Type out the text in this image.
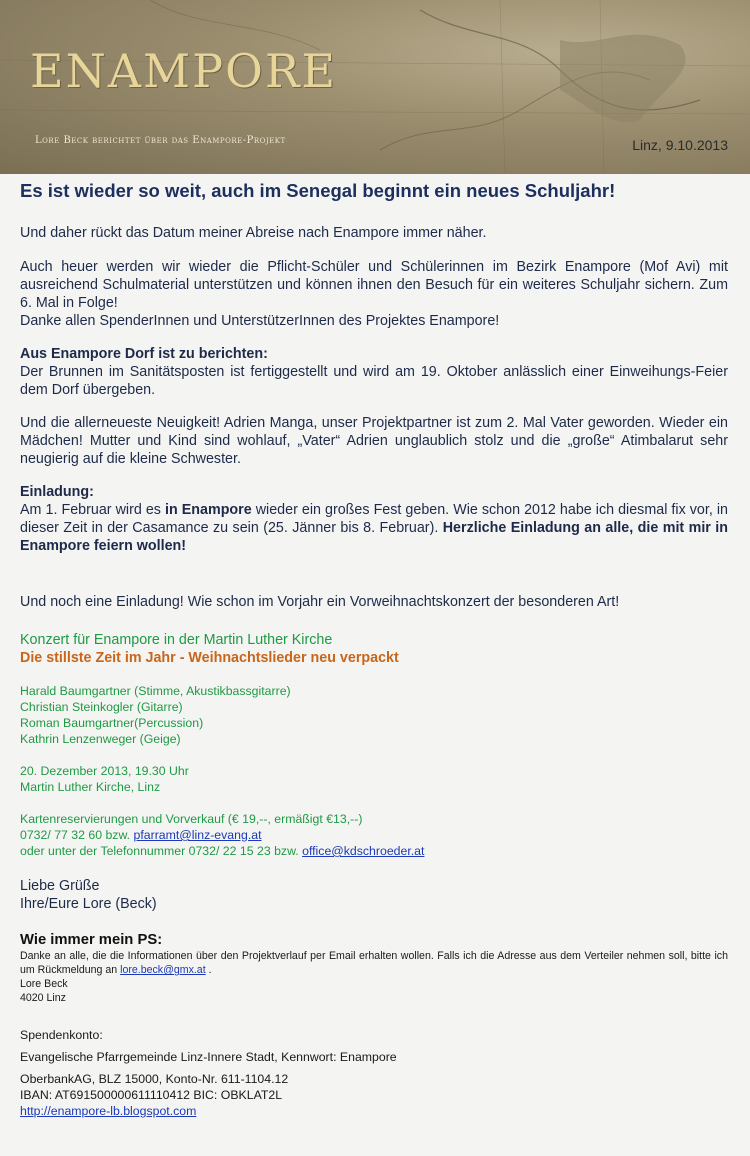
ENAMPORE
Lore Beck berichtet über das Enampore-Projekt	Linz, 9.10.2013
Es ist wieder so weit, auch im Senegal beginnt ein neues Schuljahr!

Und daher rückt das Datum meiner Abreise nach Enampore immer näher.

Auch heuer werden wir wieder die Pflicht-Schüler und Schülerinnen im Bezirk Enampore (Mof Avi) mit ausreichend Schulmaterial unterstützen und können ihnen den Besuch für ein weiteres Schuljahr sichern. Zum 6. Mal in Folge!

Danke allen SpenderInnen und UnterstützerInnen des Projektes Enampore!

Aus Enampore Dorf ist zu berichten:

Der Brunnen im Sanitätsposten ist fertiggestellt und wird am 19. Oktober anlässlich einer Einweihungs-Feier dem Dorf übergeben.

Und die allerneueste Neuigkeit! Adrien Manga, unser Projektpartner ist zum 2. Mal Vater geworden. Wieder ein Mädchen! Mutter und Kind sind wohlauf, „Vater“ Adrien unglaublich stolz und die „große“ Atimbalarut sehr neugierig auf die kleine Schwester.

Einladung:

Am 1. Februar wird es in Enampore wieder ein großes Fest geben. Wie schon 2012 habe ich diesmal fix vor, in dieser Zeit in der Casamance zu sein (25. Jänner bis 8. Februar). Herzliche Einladung an alle, die mit mir in Enampore feiern wollen!

Und noch eine Einladung! Wie schon im Vorjahr ein Vorweihnachtskonzert der besonderen Art!

Konzert für Enampore in der Martin Luther Kirche

Die stillste Zeit im Jahr - Weihnachtslieder neu verpackt

Harald Baumgartner (Stimme, Akustikbassgitarre)

Christian Steinkogler (Gitarre)

Roman Baumgartner(Percussion)

Kathrin Lenzenweger (Geige)

20. Dezember 2013, 19.30 Uhr

Martin Luther Kirche, Linz

Kartenreservierungen und Vorverkauf (€ 19,--, ermäßigt €13,--)

0732/ 77 32 60 bzw. pfarramt@linz-evang.at

oder unter der Telefonnummer 0732/ 22 15 23 bzw. office@kdschroeder.at

Liebe Grüße

Ihre/Eure Lore (Beck)

Wie immer mein PS:

Danke an alle, die die Informationen über den Projektverlauf per Email erhalten wollen. Falls ich die Adresse aus dem Verteiler nehmen soll, bitte ich um Rückmeldung an lore.beck@gmx.at .

Lore Beck

4020 Linz

Spendenkonto:

Evangelische Pfarrgemeinde Linz-Innere Stadt, Kennwort: Enampore

OberbankAG, BLZ 15000, Konto-Nr. 611-1104.12

IBAN: AT691500000611110412 BIC: OBKLAT2L

http://enampore-lb.blogspot.com
